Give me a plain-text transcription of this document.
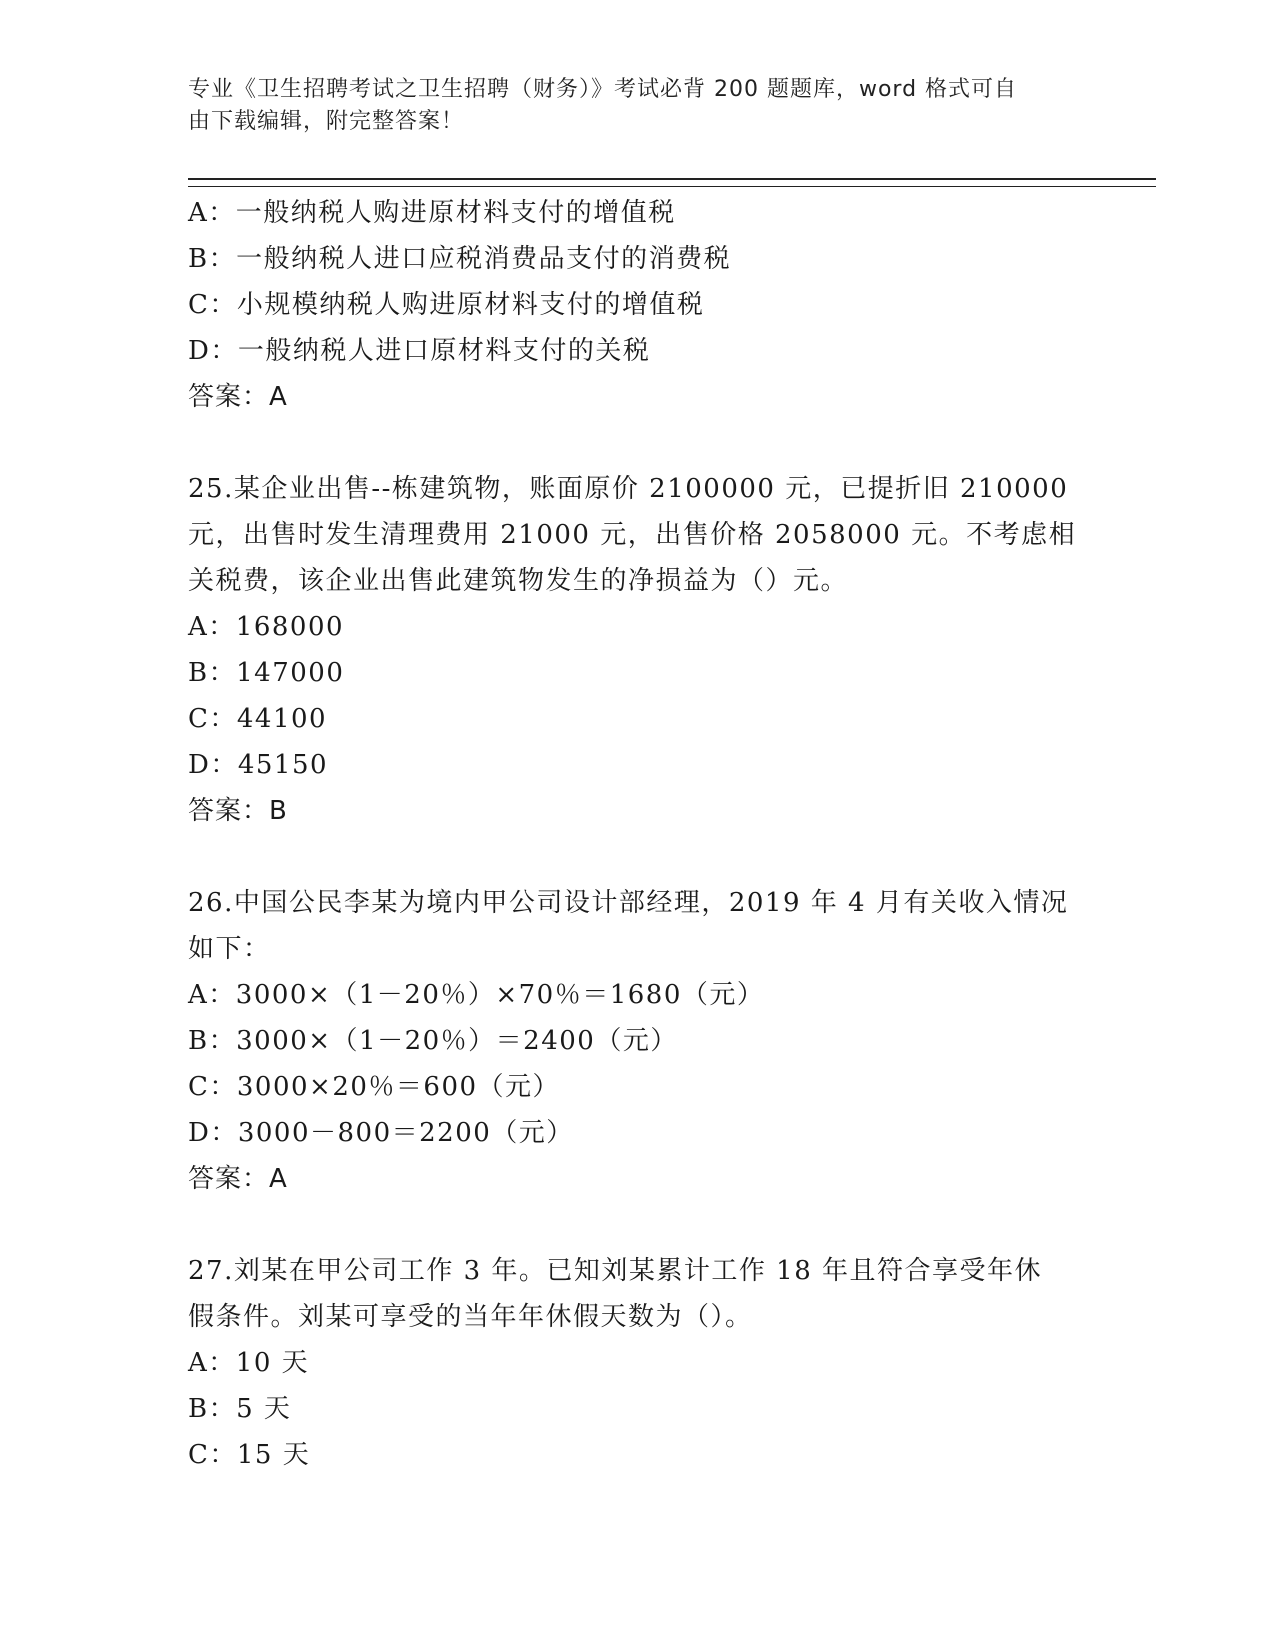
专业《卫生招聘考试之卫生招聘（财务）》考试必背 200 题题库，word 格式可自
由下载编辑，附完整答案！
A：一般纳税人购进原材料支付的增值税
B：一般纳税人进口应税消费品支付的消费税
C：小规模纳税人购进原材料支付的增值税
D：一般纳税人进口原材料支付的关税
答案：A
25.某企业出售--栋建筑物，账面原价 2100000 元，已提折旧 210000
元，出售时发生清理费用 21000 元，出售价格 2058000 元。不考虑相
关税费，该企业出售此建筑物发生的净损益为（）元。
A：168000
B：147000
C：44100
D：45150
答案：B
26.中国公民李某为境内甲公司设计部经理，2019 年 4 月有关收入情况
如下：
A：3000×（1－20％）×70％＝1680（元）
B：3000×（1－20％）＝2400（元）
C：3000×20％＝600（元）
D：3000－800＝2200（元）
答案：A
27.刘某在甲公司工作 3 年。已知刘某累计工作 18 年且符合享受年休
假条件。刘某可享受的当年年休假天数为（）。
A：10 天
B：5 天
C：15 天
